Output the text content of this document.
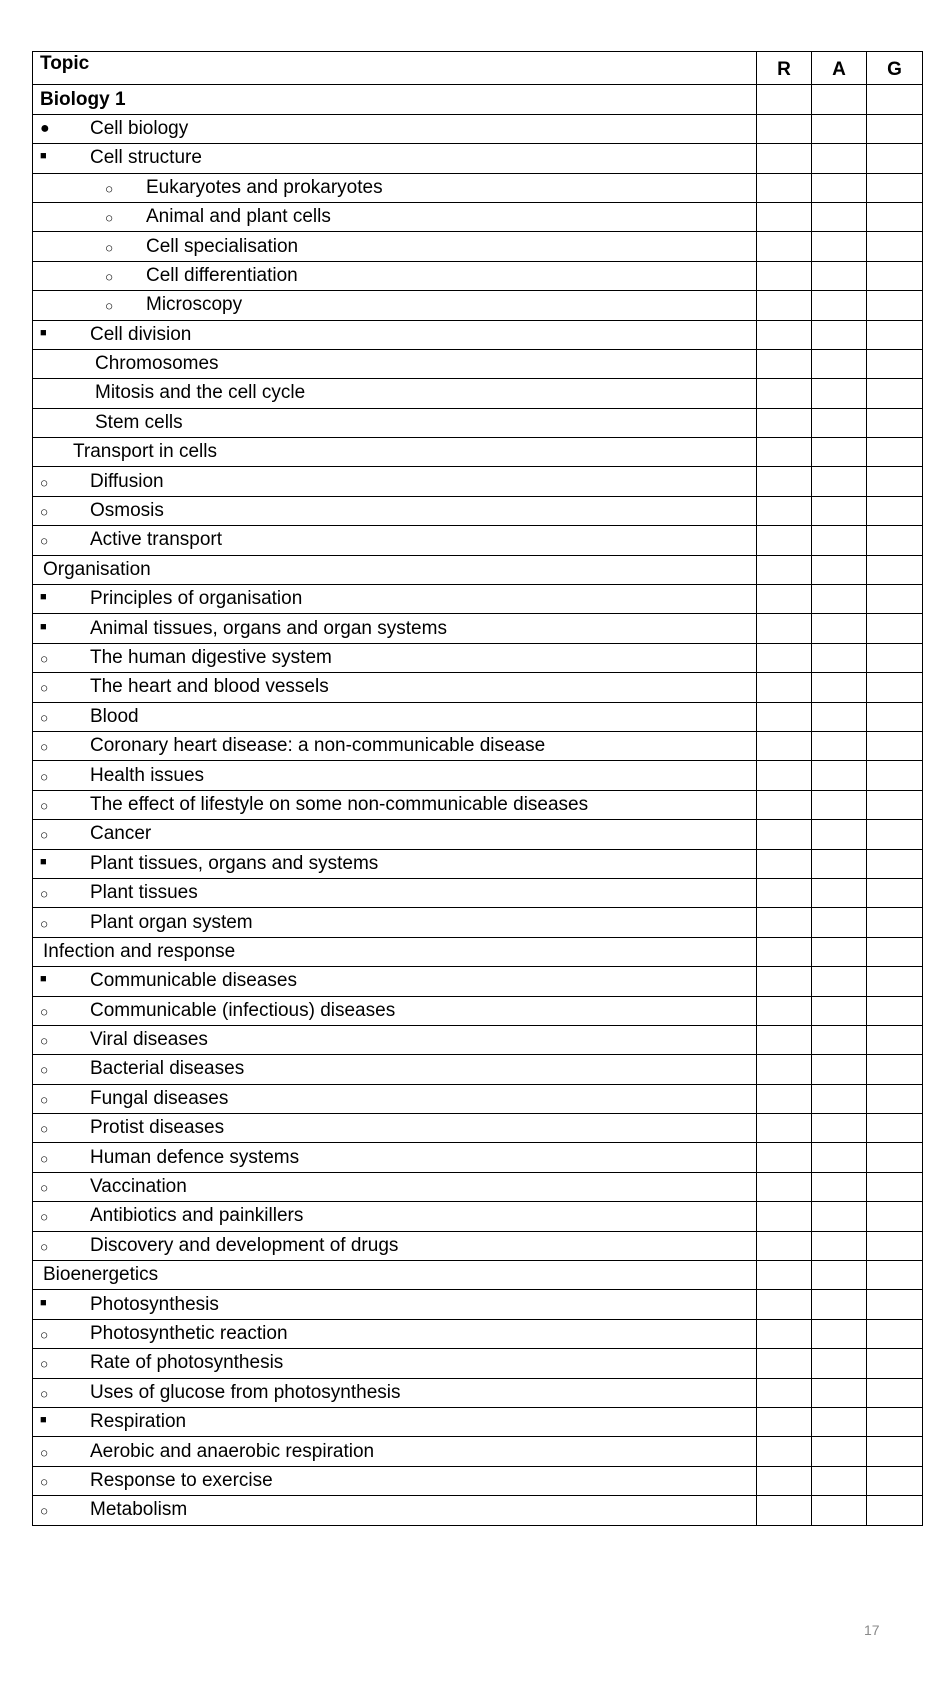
Topic	R	A	G

Biology 1			

● Cell biology			

■ Cell structure			

○ Eukaryotes and prokaryotes			

○ Animal and plant cells			

○ Cell specialisation			

○ Cell differentiation			

○ Microscopy			

■ Cell division			

Chromosomes			

Mitosis and the cell cycle			

Stem cells			

Transport in cells			

○ Diffusion			

○ Osmosis			

○ Active transport			

Organisation			

■ Principles of organisation			

■ Animal tissues, organs and organ systems			

○ The human digestive system			

○ The heart and blood vessels			

○ Blood			

○ Coronary heart disease: a non-communicable disease			

○ Health issues			

○ The effect of lifestyle on some non-communicable diseases			

○ Cancer			

■ Plant tissues, organs and systems			

○ Plant tissues			

○ Plant organ system			

Infection and response			

■ Communicable diseases			

○ Communicable (infectious) diseases			

○ Viral diseases			

○ Bacterial diseases			

○ Fungal diseases			

○ Protist diseases			

○ Human defence systems			

○ Vaccination			

○ Antibiotics and painkillers			

○ Discovery and development of drugs			

Bioenergetics			

■ Photosynthesis			

○ Photosynthetic reaction			

○ Rate of photosynthesis			

○ Uses of glucose from photosynthesis			

■ Respiration			

○ Aerobic and anaerobic respiration			

○ Response to exercise			

○ Metabolism			

17
